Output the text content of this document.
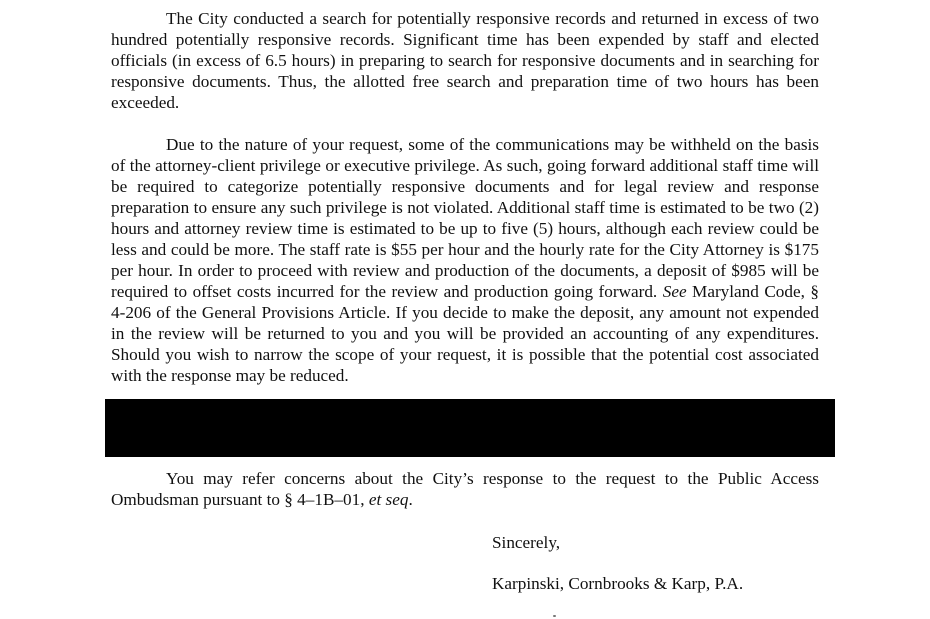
The City conducted a search for potentially responsive records and returned in excess of two hundred potentially responsive records. Significant time has been expended by staff and elected officials (in excess of 6.5 hours) in preparing to search for responsive documents and in searching for responsive documents. Thus, the allotted free search and preparation time of two hours has been exceeded.

Due to the nature of your request, some of the communications may be withheld on the basis of the attorney-client privilege or executive privilege. As such, going forward additional staff time will be required to categorize potentially responsive documents and for legal review and response preparation to ensure any such privilege is not violated. Additional staff time is estimated to be two (2) hours and attorney review time is estimated to be up to five (5) hours, although each review could be less and could be more. The staff rate is $55 per hour and the hourly rate for the City Attorney is $175 per hour. In order to proceed with review and production of the documents, a deposit of $985 will be required to offset costs incurred for the review and production going forward. See Maryland Code, § 4-206 of the General Provisions Article. If you decide to make the deposit, any amount not expended in the review will be returned to you and you will be provided an accounting of any expenditures. Should you wish to narrow the scope of your request, it is possible that the potential cost associated with the response may be reduced.

You may refer concerns about the City’s response to the request to the Public Access Ombudsman pursuant to § 4–1B–01, et seq.

Sincerely,

Karpinski, Cornbrooks & Karp, P.A.
